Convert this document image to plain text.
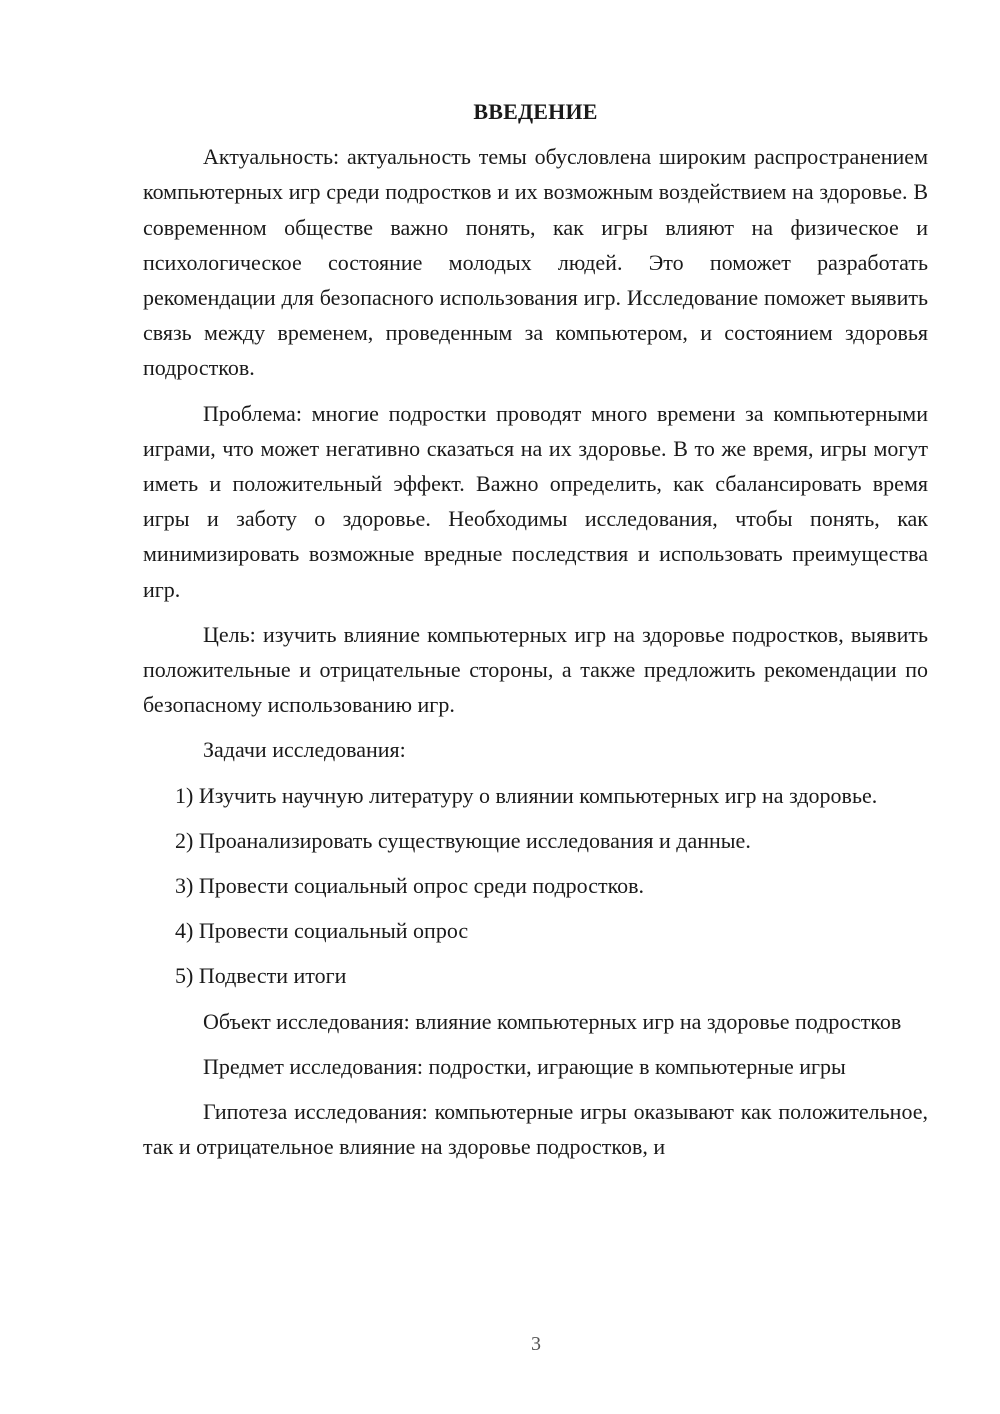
ВВЕДЕНИЕ

Актуальность: актуальность темы обусловлена широким распространением компьютерных игр среди подростков и их возможным воздействием на здоровье. В современном обществе важно понять, как игры влияют на физическое и психологическое состояние молодых людей. Это поможет разработать рекомендации для безопасного использования игр. Исследование поможет выявить связь между временем, проведенным за компьютером, и состоянием здоровья подростков.

Проблема: многие подростки проводят много времени за компьютерными играми, что может негативно сказаться на их здоровье. В то же время, игры могут иметь и положительный эффект. Важно определить, как сбалансировать время игры и заботу о здоровье. Необходимы исследования, чтобы понять, как минимизировать возможные вредные последствия и использовать преимущества игр.

Цель: изучить влияние компьютерных игр на здоровье подростков, выявить положительные и отрицательные стороны, а также предложить рекомендации по безопасному использованию игр.

Задачи исследования:

1) Изучить научную литературу о влиянии компьютерных игр на здоровье.

2) Проанализировать существующие исследования и данные.

3) Провести социальный опрос среди подростков.

4) Провести социальный опрос

5) Подвести итоги

Объект исследования: влияние компьютерных игр на здоровье подростков

Предмет исследования: подростки, играющие в компьютерные игры

Гипотеза исследования: компьютерные игры оказывают как положительное, так и отрицательное влияние на здоровье подростков, и

3
